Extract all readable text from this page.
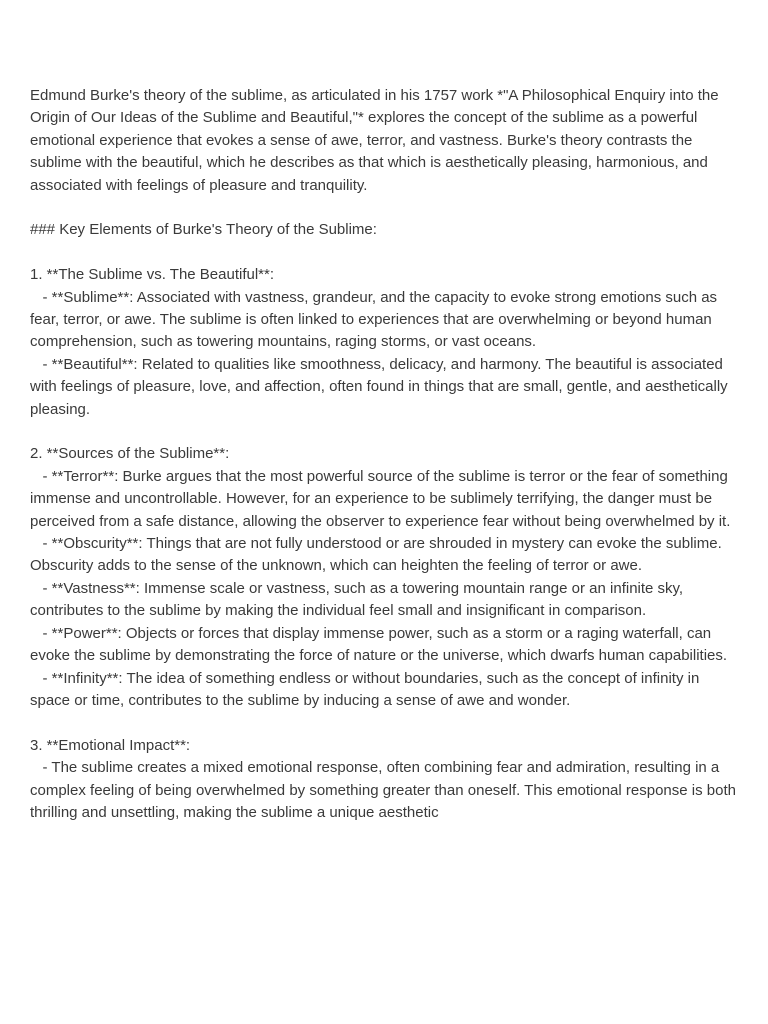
Edmund Burke's theory of the sublime, as articulated in his 1757 work *"A Philosophical Enquiry into the Origin of Our Ideas of the Sublime and Beautiful,"* explores the concept of the sublime as a powerful emotional experience that evokes a sense of awe, terror, and vastness. Burke's theory contrasts the sublime with the beautiful, which he describes as that which is aesthetically pleasing, harmonious, and associated with feelings of pleasure and tranquility.

### Key Elements of Burke's Theory of the Sublime:

1. **The Sublime vs. The Beautiful**:

- **Sublime**: Associated with vastness, grandeur, and the capacity to evoke strong emotions such as fear, terror, or awe. The sublime is often linked to experiences that are overwhelming or beyond human comprehension, such as towering mountains, raging storms, or vast oceans.

- **Beautiful**: Related to qualities like smoothness, delicacy, and harmony. The beautiful is associated with feelings of pleasure, love, and affection, often found in things that are small, gentle, and aesthetically pleasing.

2. **Sources of the Sublime**:

- **Terror**: Burke argues that the most powerful source of the sublime is terror or the fear of something immense and uncontrollable. However, for an experience to be sublimely terrifying, the danger must be perceived from a safe distance, allowing the observer to experience fear without being overwhelmed by it.

- **Obscurity**: Things that are not fully understood or are shrouded in mystery can evoke the sublime. Obscurity adds to the sense of the unknown, which can heighten the feeling of terror or awe.

- **Vastness**: Immense scale or vastness, such as a towering mountain range or an infinite sky, contributes to the sublime by making the individual feel small and insignificant in comparison.

- **Power**: Objects or forces that display immense power, such as a storm or a raging waterfall, can evoke the sublime by demonstrating the force of nature or the universe, which dwarfs human capabilities.

- **Infinity**: The idea of something endless or without boundaries, such as the concept of infinity in space or time, contributes to the sublime by inducing a sense of awe and wonder.

3. **Emotional Impact**:

- The sublime creates a mixed emotional response, often combining fear and admiration, resulting in a complex feeling of being overwhelmed by something greater than oneself. This emotional response is both thrilling and unsettling, making the sublime a unique aesthetic
